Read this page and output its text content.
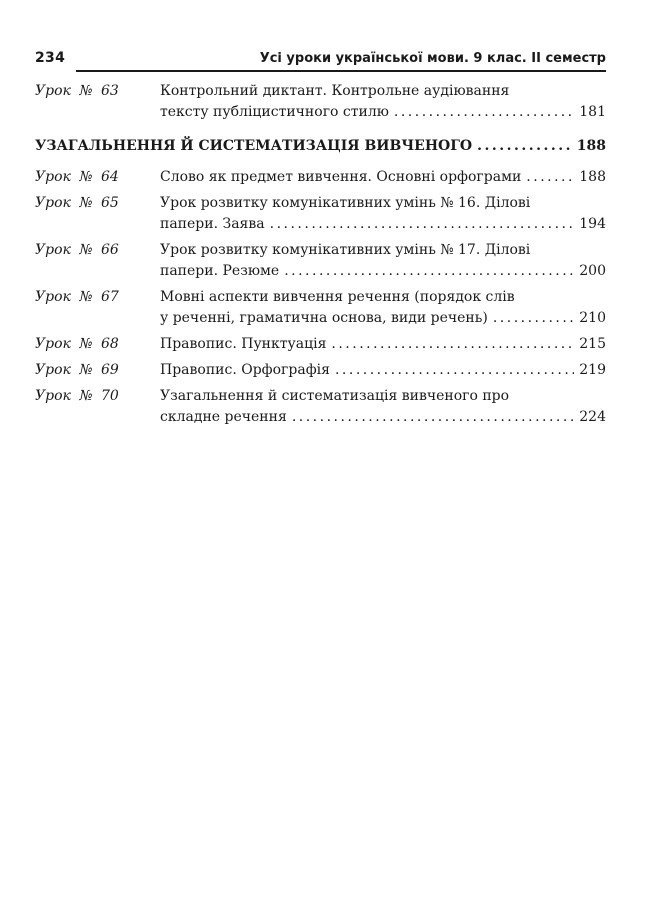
234	Усі уроки української мови. 9 клас. ІІ семестр
Урок № 63	Контрольний диктант. Контрольне аудіювання
тексту публіцистичного стилю .....	181
УЗАГАЛЬНЕННЯ Й СИСТЕМАТИЗАЦІЯ ВИВЧЕНОГО .....	188
Урок № 64	Слово як предмет вивчення. Основні орфограми .....	188
Урок № 65	Урок розвитку комунікативних умінь № 16. Ділові
папери. Заява .....	194
Урок № 66	Урок розвитку комунікативних умінь № 17. Ділові
папери. Резюме .....	200
Урок № 67	Мовні аспекти вивчення речення (порядок слів
у реченні, граматична основа, види речень) .....	210
Урок № 68	Правопис. Пунктуація .....	215
Урок № 69	Правопис. Орфографія .....	219
Урок № 70	Узагальнення й систематизація вивченого про
складне речення .....	224
